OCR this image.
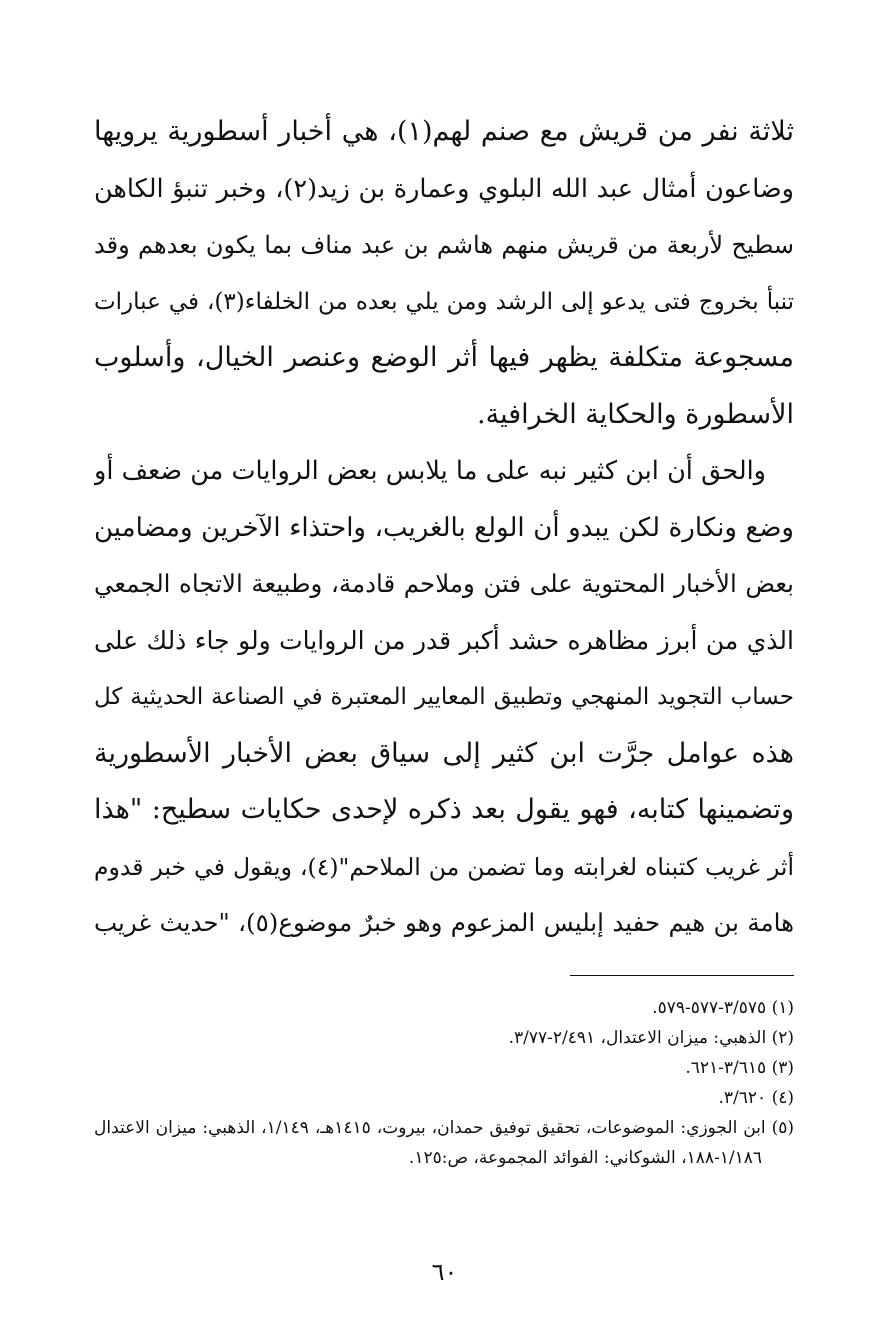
ثلاثة نفر من قريش مع صنم لهم(١)، هي أخبار أسطورية يرويها
وضاعون أمثال عبد الله البلوي وعمارة بن زيد(٢)، وخبر تنبؤ الكاهن
سطيح لأربعة من قريش منهم هاشم بن عبد مناف بما يكون بعدهم وقد
تنبأ بخروج فتى يدعو إلى الرشد ومن يلي بعده من الخلفاء(٣)، في عبارات
مسجوعة متكلفة يظهر فيها أثر الوضع وعنصر الخيال، وأسلوب
الأسطورة والحكاية الخرافية.
والحق أن ابن كثير نبه على ما يلابس بعض الروايات من ضعف أو
وضع ونكارة لكن يبدو أن الولع بالغريب، واحتذاء الآخرين ومضامين
بعض الأخبار المحتوية على فتن وملاحم قادمة، وطبيعة الاتجاه الجمعي
الذي من أبرز مظاهره حشد أكبر قدر من الروايات ولو جاء ذلك على
حساب التجويد المنهجي وتطبيق المعايير المعتبرة في الصناعة الحديثية كل
هذه عوامل جرَّت ابن كثير إلى سياق بعض الأخبار الأسطورية
وتضمينها كتابه، فهو يقول بعد ذكره لإحدى حكايات سطيح: "هذا
أثر غريب كتبناه لغرابته وما تضمن من الملاحم"(٤)، ويقول في خبر قدوم
هامة بن هيم حفيد إبليس المزعوم وهو خبرٌ موضوع(٥)، "حديث غريب
(١) ٣/٥٧٥-٥٧٧-٥٧٩.
(٢) الذهبي: ميزان الاعتدال، ٢/٤٩١-٣/٧٧.
(٣) ٣/٦١٥-٦٢١.
(٤) ٣/٦٢٠.
(٥) ابن الجوزي: الموضوعات، تحقيق توفيق حمدان، بيروت، ١٤١٥هـ، ١/١٤٩، الذهبي: ميزان الاعتدال
١/١٨٦-١٨٨، الشوكاني: الفوائد المجموعة، ص:١٢٥.
٦٠
